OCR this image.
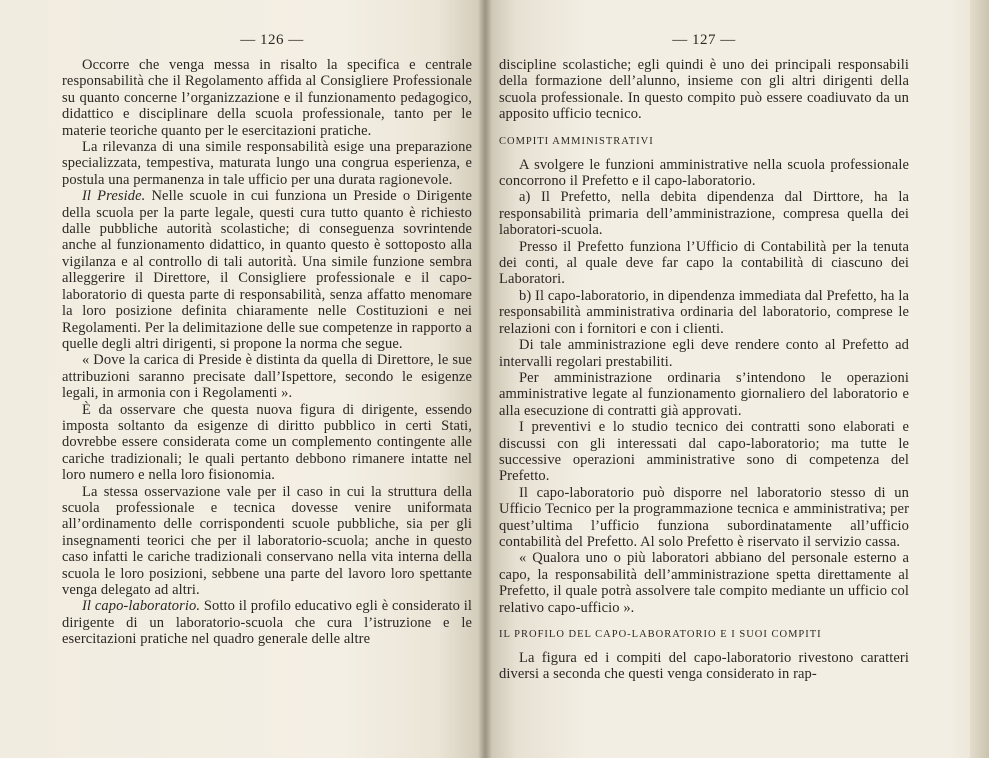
— 126 —

Occorre che venga messa in risalto la specifica e centrale responsabilità che il Regolamento affida al Consigliere Professionale su quanto concerne l’organizzazione e il funzionamento pedagogico, didattico e disciplinare della scuola professionale, tanto per le materie teoriche quanto per le esercitazioni pratiche.

La rilevanza di una simile responsabilità esige una preparazione specializzata, tempestiva, maturata lungo una congrua esperienza, e postula una permanenza in tale ufficio per una durata ragionevole.

Il Preside. Nelle scuole in cui funziona un Preside o Dirigente della scuola per la parte legale, questi cura tutto quanto è richiesto dalle pubbliche autorità scolastiche; di conseguenza sovrintende anche al funzionamento didattico, in quanto questo è sottoposto alla vigilanza e al controllo di tali autorità. Una simile funzione sembra alleggerire il Direttore, il Consigliere professionale e il capo-laboratorio di questa parte di responsabilità, senza affatto menomare la loro posizione definita chiaramente nelle Costituzioni e nei Regolamenti. Per la delimitazione delle sue competenze in rapporto a quelle degli altri dirigenti, si propone la norma che segue.

« Dove la carica di Preside è distinta da quella di Direttore, le sue attribuzioni saranno precisate dall’Ispettore, secondo le esigenze legali, in armonia con i Regolamenti ».

È da osservare che questa nuova figura di dirigente, essendo imposta soltanto da esigenze di diritto pubblico in certi Stati, dovrebbe essere considerata come un complemento contingente alle cariche tradizionali; le quali pertanto debbono rimanere intatte nel loro numero e nella loro fisionomia.

La stessa osservazione vale per il caso in cui la struttura della scuola professionale e tecnica dovesse venire uniformata all’ordinamento delle corrispondenti scuole pubbliche, sia per gli insegnamenti teorici che per il laboratorio-scuola; anche in questo caso infatti le cariche tradizionali conservano nella vita interna della scuola le loro posizioni, sebbene una parte del lavoro loro spettante venga delegato ad altri.

Il capo-laboratorio. Sotto il profilo educativo egli è considerato il dirigente di un laboratorio-scuola che cura l’istruzione e le esercitazioni pratiche nel quadro generale delle altre

— 127 —

discipline scolastiche; egli quindi è uno dei principali responsabili della formazione dell’alunno, insieme con gli altri dirigenti della scuola professionale. In questo compito può essere coadiuvato da un apposito ufficio tecnico.

COMPITI AMMINISTRATIVI

A svolgere le funzioni amministrative nella scuola professionale concorrono il Prefetto e il capo-laboratorio.

a) Il Prefetto, nella debita dipendenza dal Dirttore, ha la responsabilità primaria dell’amministrazione, compresa quella dei laboratori-scuola.

Presso il Prefetto funziona l’Ufficio di Contabilità per la tenuta dei conti, al quale deve far capo la contabilità di ciascuno dei Laboratori.

b) Il capo-laboratorio, in dipendenza immediata dal Prefetto, ha la responsabilità amministrativa ordinaria del laboratorio, comprese le relazioni con i fornitori e con i clienti.

Di tale amministrazione egli deve rendere conto al Prefetto ad intervalli regolari prestabiliti.

Per amministrazione ordinaria s’intendono le operazioni amministrative legate al funzionamento giornaliero del laboratorio e alla esecuzione di contratti già approvati.

I preventivi e lo studio tecnico dei contratti sono elaborati e discussi con gli interessati dal capo-laboratorio; ma tutte le successive operazioni amministrative sono di competenza del Prefetto.

Il capo-laboratorio può disporre nel laboratorio stesso di un Ufficio Tecnico per la programmazione tecnica e amministrativa; per quest’ultima l’ufficio funziona subordinatamente all’ufficio contabilità del Prefetto. Al solo Prefetto è riservato il servizio cassa.

« Qualora uno o più laboratori abbiano del personale esterno a capo, la responsabilità dell’amministrazione spetta direttamente al Prefetto, il quale potrà assolvere tale compito mediante un ufficio col relativo capo-ufficio ».

IL PROFILO DEL CAPO-LABORATORIO E I SUOI COMPITI

La figura ed i compiti del capo-laboratorio rivestono caratteri diversi a seconda che questi venga considerato in rap-
